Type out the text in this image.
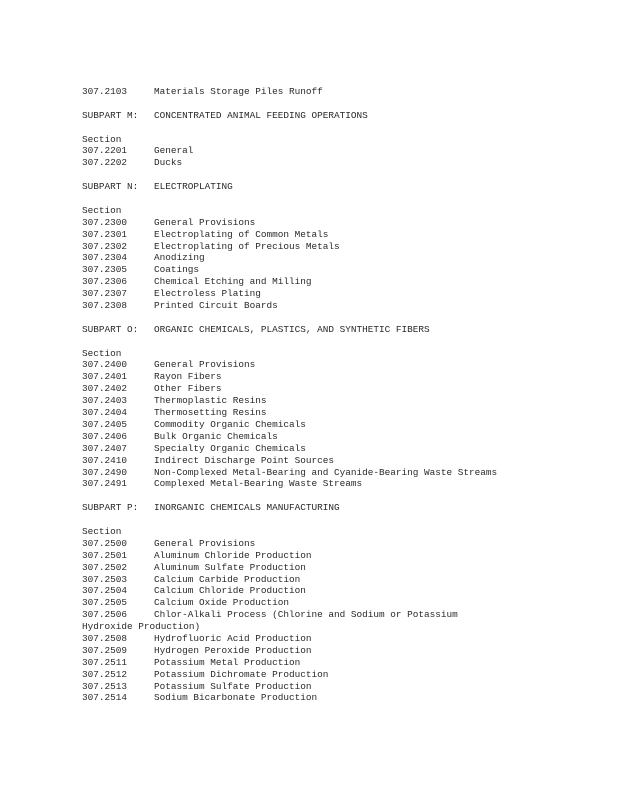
307.2103	Materials Storage Piles Runoff
SUBPART M: CONCENTRATED ANIMAL FEEDING OPERATIONS
Section
307.2201	General
307.2202	Ducks
SUBPART N: ELECTROPLATING
Section
307.2300	General Provisions
307.2301	Electroplating of Common Metals
307.2302	Electroplating of Precious Metals
307.2304	Anodizing
307.2305	Coatings
307.2306	Chemical Etching and Milling
307.2307	Electroless Plating
307.2308	Printed Circuit Boards
SUBPART O: ORGANIC CHEMICALS, PLASTICS, AND SYNTHETIC FIBERS
Section
307.2400	General Provisions
307.2401	Rayon Fibers
307.2402	Other Fibers
307.2403	Thermoplastic Resins
307.2404	Thermosetting Resins
307.2405	Commodity Organic Chemicals
307.2406	Bulk Organic Chemicals
307.2407	Specialty Organic Chemicals
307.2410	Indirect Discharge Point Sources
307.2490	Non-Complexed Metal-Bearing and Cyanide-Bearing Waste Streams
307.2491	Complexed Metal-Bearing Waste Streams
SUBPART P: INORGANIC CHEMICALS MANUFACTURING
Section
307.2500	General Provisions
307.2501	Aluminum Chloride Production
307.2502	Aluminum Sulfate Production
307.2503	Calcium Carbide Production
307.2504	Calcium Chloride Production
307.2505	Calcium Oxide Production
307.2506	Chlor-Alkali Process (Chlorine and Sodium or Potassium
Hydroxide Production)
307.2508	Hydrofluoric Acid Production
307.2509	Hydrogen Peroxide Production
307.2511	Potassium Metal Production
307.2512	Potassium Dichromate Production
307.2513	Potassium Sulfate Production
307.2514	Sodium Bicarbonate Production
